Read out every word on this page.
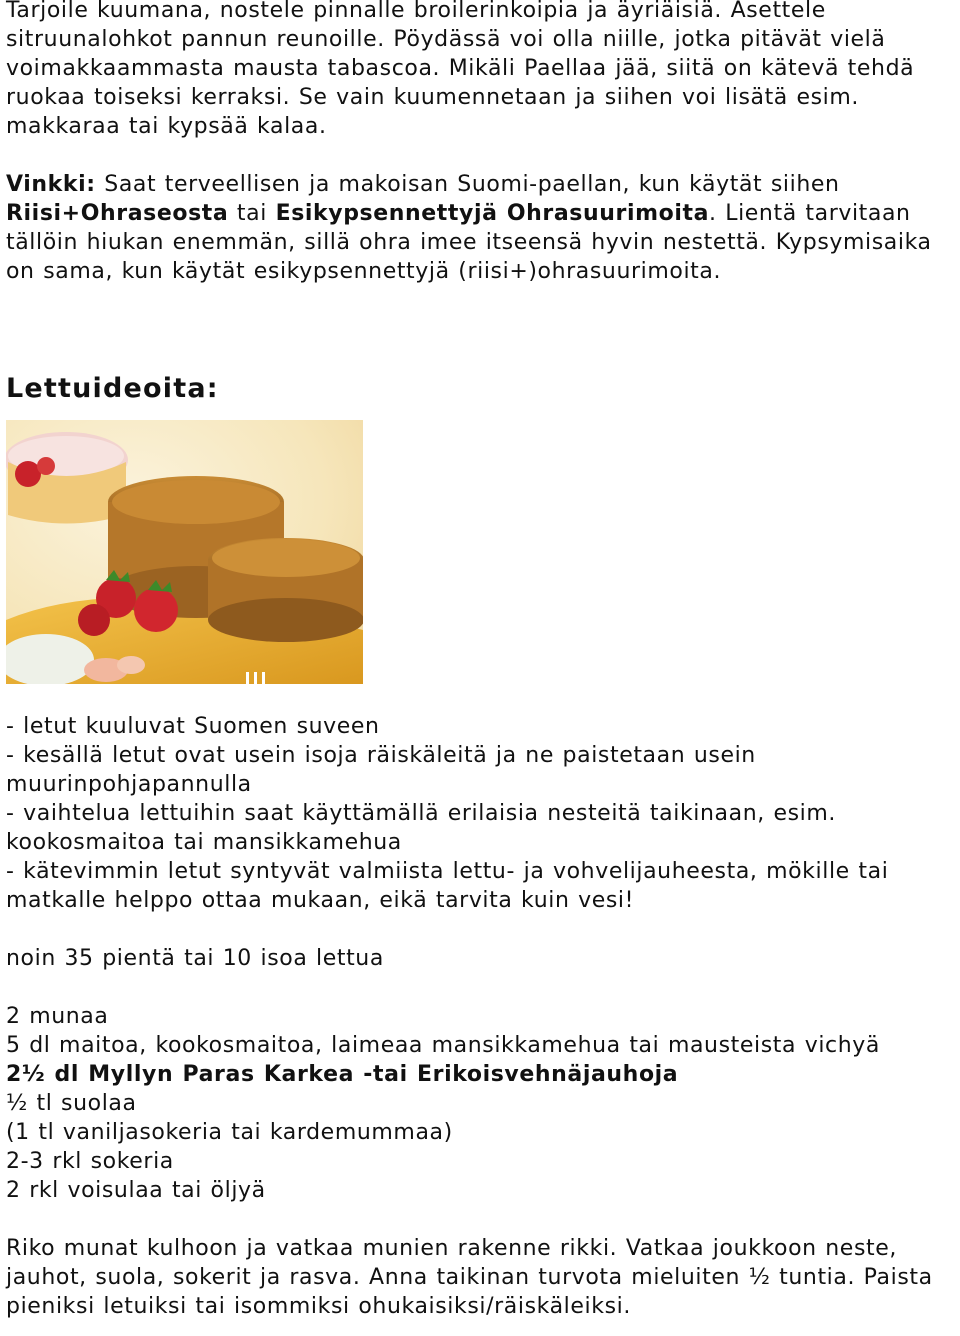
Tarjoile kuumana, nostele pinnalle broilerinkoipia ja äyriäisiä. Asettele sitruunalohkot pannun reunoille. Pöydässä voi olla niille, jotka pitävät vielä voimakkaammasta mausta tabascoa. Mikäli Paellaa jää, siitä on kätevä tehdä ruokaa toiseksi kerraksi. Se vain kuumennetaan ja siihen voi lisätä esim. makkaraa tai kypsää kalaa.

Vinkki: Saat terveellisen ja makoisan Suomi-paellan, kun käytät siihen Riisi+Ohraseosta tai Esikypsennettyjä Ohrasuurimoita. Lientä tarvitaan tällöin hiukan enemmän, sillä ohra imee itseensä hyvin nestettä. Kypsymisaika on sama, kun käytät esikypsennettyjä (riisi+)ohrasuurimoita.

Lettuideoita:

- letut kuuluvat Suomen suveen

- kesällä letut ovat usein isoja räiskäleitä ja ne paistetaan usein muurinpohjapannulla

- vaihtelua lettuihin saat käyttämällä erilaisia nesteitä taikinaan, esim. kookosmaitoa tai mansikkamehua

- kätevimmin letut syntyvät valmiista lettu- ja vohvelijauheesta, mökille tai matkalle helppo ottaa mukaan, eikä tarvita kuin vesi!

noin 35 pientä tai 10 isoa lettua

2 munaa

5 dl maitoa, kookosmaitoa, laimeaa mansikkamehua tai mausteista vichyä

2½ dl Myllyn Paras Karkea -tai Erikoisvehnäjauhoja

½ tl suolaa

(1 tl vaniljasokeria tai kardemummaa)

2-3 rkl sokeria

2 rkl voisulaa tai öljyä

Riko munat kulhoon ja vatkaa munien rakenne rikki. Vatkaa joukkoon neste, jauhot, suola, sokerit ja rasva. Anna taikinan turvota mieluiten ½ tuntia. Paista pieniksi letuiksi tai isommiksi ohukaisiksi/räiskäleiksi.
